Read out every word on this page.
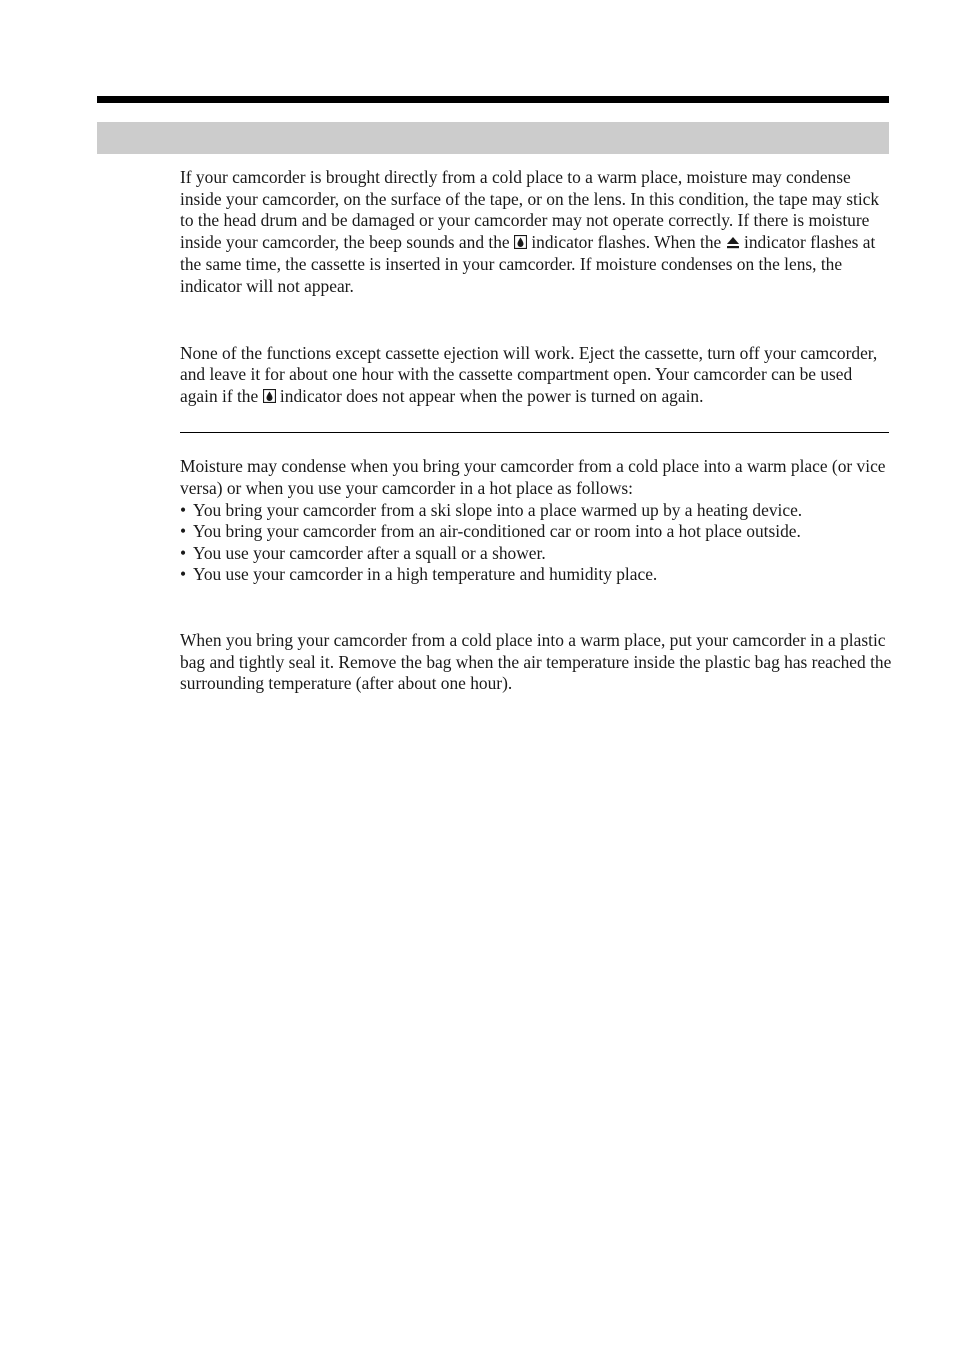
If your camcorder is brought directly from a cold place to a warm place, moisture may condense inside your camcorder, on the surface of the tape, or on the lens. In this condition, the tape may stick to the head drum and be damaged or your camcorder may not operate correctly. If there is moisture inside your camcorder, the beep sounds and the  indicator flashes. When the  indicator flashes at the same time, the cassette is inserted in your camcorder. If moisture condenses on the lens, the indicator will not appear.

None of the functions except cassette ejection will work. Eject the cassette, turn off your camcorder, and leave it for about one hour with the cassette compartment open. Your camcorder can be used again if the  indicator does not appear when the power is turned on again.

Moisture may condense when you bring your camcorder from a cold place into a warm place (or vice versa) or when you use your camcorder in a hot place as follows:

• You bring your camcorder from a ski slope into a place warmed up by a heating device.
• You bring your camcorder from an air-conditioned car or room into a hot place outside.
• You use your camcorder after a squall or a shower.
• You use your camcorder in a high temperature and humidity place.

When you bring your camcorder from a cold place into a warm place, put your camcorder in a plastic bag and tightly seal it. Remove the bag when the air temperature inside the plastic bag has reached the surrounding temperature (after about one hour).
